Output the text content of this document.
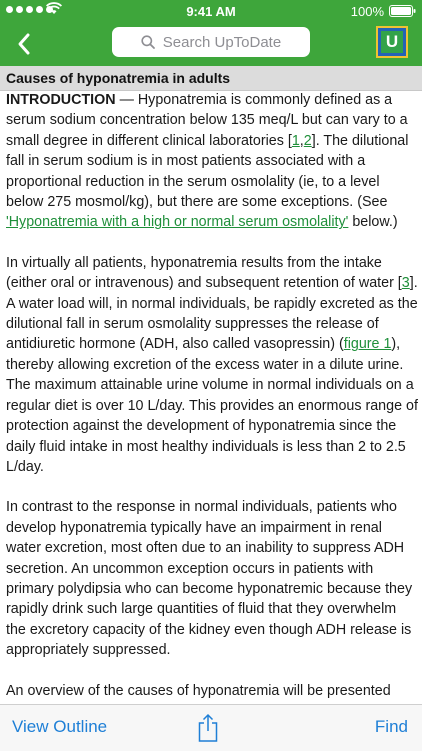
9:41 AM	100%
Search UpToDate	U
Causes of hyponatremia in adults

INTRODUCTION — Hyponatremia is commonly defined as a serum sodium concentration below 135 meq/L but can vary to a small degree in different clinical laboratories [1,2]. The dilutional fall in serum sodium is in most patients associated with a proportional reduction in the serum osmolality (ie, to a level below 275 mosmol/kg), but there are some exceptions. (See 'Hyponatremia with a high or normal serum osmolality' below.)

In virtually all patients, hyponatremia results from the intake (either oral or intravenous) and subsequent retention of water [3]. A water load will, in normal individuals, be rapidly excreted as the dilutional fall in serum osmolality suppresses the release of antidiuretic hormone (ADH, also called vasopressin) (figure 1), thereby allowing excretion of the excess water in a dilute urine. The maximum attainable urine volume in normal individuals on a regular diet is over 10 L/day. This provides an enormous range of protection against the development of hyponatremia since the daily fluid intake in most healthy individuals is less than 2 to 2.5 L/day.

In contrast to the response in normal individuals, patients who develop hyponatremia typically have an impairment in renal water excretion, most often due to an inability to suppress ADH secretion. An uncommon exception occurs in patients with primary polydipsia who can become hyponatremic because they rapidly drink such large quantities of fluid that they overwhelm the excretory capacity of the kidney even though ADH release is appropriately suppressed.

An overview of the causes of hyponatremia will be presented

View Outline	Find
